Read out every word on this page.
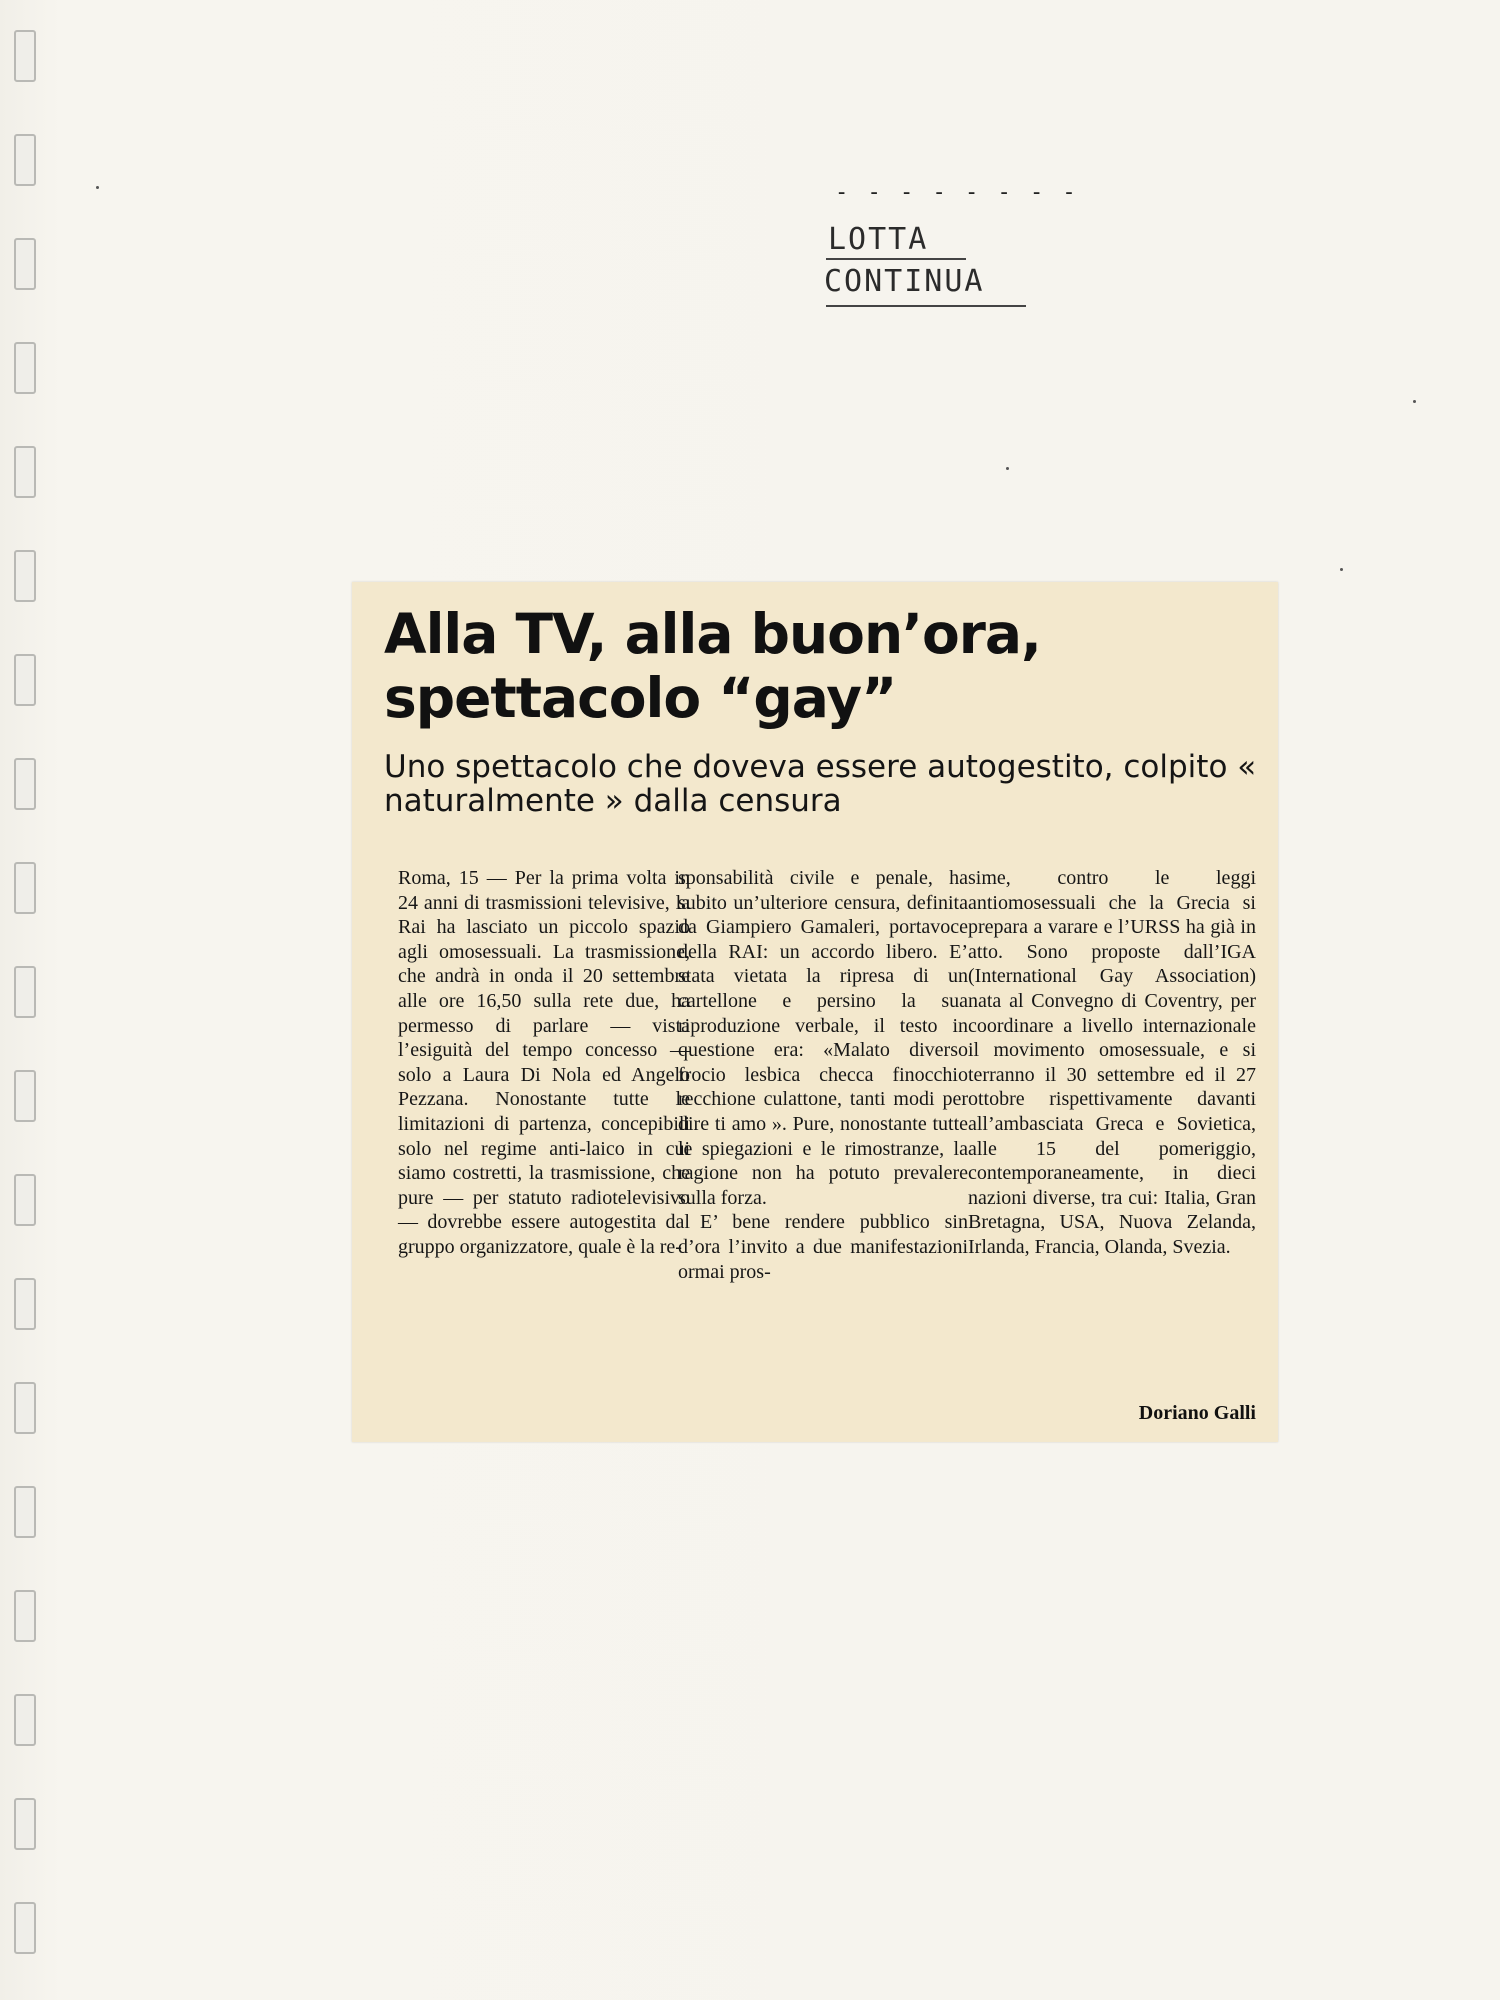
- - - - - - - -
LOTTA
CONTINUA
Alla TV, alla buon’ora,
spettacolo “gay”
Uno spettacolo che doveva essere autogestito, colpito « naturalmente » dalla censura

Roma, 15 — Per la prima volta in 24 anni di trasmissioni televisive, la Rai ha lasciato un piccolo spazio agli omosessuali. La trasmissione, che andrà in onda il 20 settembre alle ore 16,50 sulla rete due, ha permesso di parlare — vista l’esiguità del tempo concesso — solo a Laura Di Nola ed Angelo Pezzana. Nonostante tutte le limitazioni di partenza, concepibili solo nel regime anti-laico in cui siamo costretti, la trasmissione, che pure — per statuto radiotelevisivo — dovrebbe essere autogestita dal gruppo organizzatore, quale è la re-

sponsabilità civile e penale, ha subito un’ulteriore censura, definita da Giampiero Gamaleri, portavoce della RAI: un accordo libero. E’ stata vietata la ripresa di un cartellone e persino la sua riproduzione verbale, il testo in questione era: «Malato diverso frocio lesbica checca finocchio recchione culattone, tanti modi per dire ti amo ». Pure, nonostante tutte le spiegazioni e le rimostranze, la ragione non ha potuto prevalere sulla forza.

E’ bene rendere pubblico sin d’ora l’invito a due manifestazioni ormai pros-

sime, contro le leggi antiomosessuali che la Grecia si prepara a varare e l’URSS ha già in atto. Sono proposte dall’IGA (International Gay Association) nata al Convegno di Coventry, per coordinare a livello internazionale il movimento omosessuale, e si terranno il 30 settembre ed il 27 ottobre rispettivamente davanti all’ambasciata Greca e Sovietica, alle 15 del pomeriggio, contemporaneamente, in dieci nazioni diverse, tra cui: Italia, Gran Bretagna, USA, Nuova Zelanda, Irlanda, Francia, Olanda, Svezia.

Doriano Galli
